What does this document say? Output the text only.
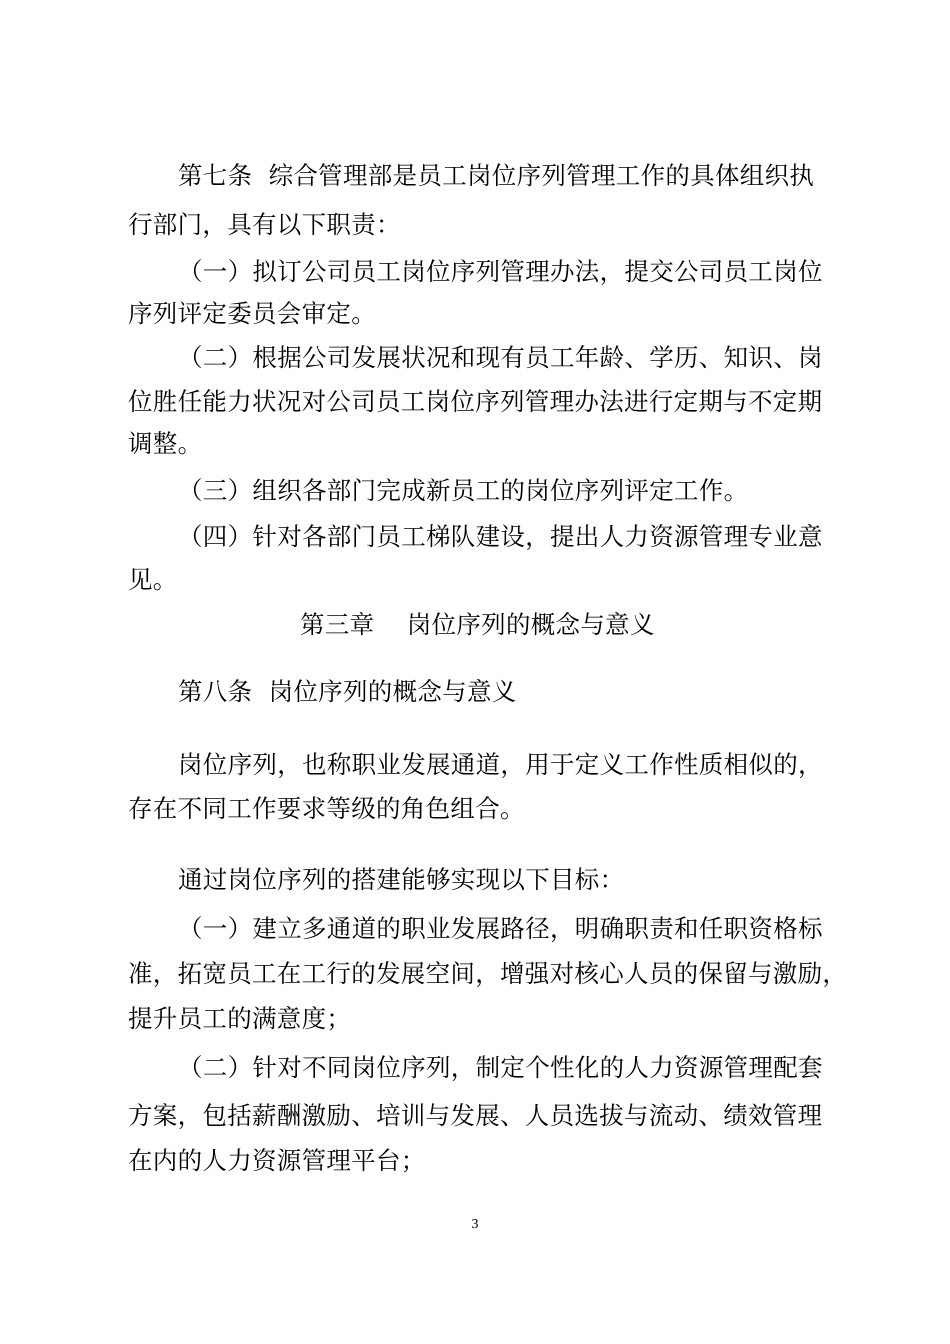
第七条  综合管理部是员工岗位序列管理工作的具体组织执
行部门，具有以下职责：
（一）拟订公司员工岗位序列管理办法，提交公司员工岗位
序列评定委员会审定。
（二）根据公司发展状况和现有员工年龄、学历、知识、岗
位胜任能力状况对公司员工岗位序列管理办法进行定期与不定期
调整。
（三）组织各部门完成新员工的岗位序列评定工作。
（四）针对各部门员工梯队建设，提出人力资源管理专业意
见。
第三章    岗位序列的概念与意义
第八条  岗位序列的概念与意义
岗位序列，也称职业发展通道，用于定义工作性质相似的，
存在不同工作要求等级的角色组合。
通过岗位序列的搭建能够实现以下目标：
（一）建立多通道的职业发展路径，明确职责和任职资格标
准，拓宽员工在工行的发展空间，增强对核心人员的保留与激励，
提升员工的满意度；
（二）针对不同岗位序列，制定个性化的人力资源管理配套
方案，包括薪酬激励、培训与发展、人员选拔与流动、绩效管理
在内的人力资源管理平台；
3
